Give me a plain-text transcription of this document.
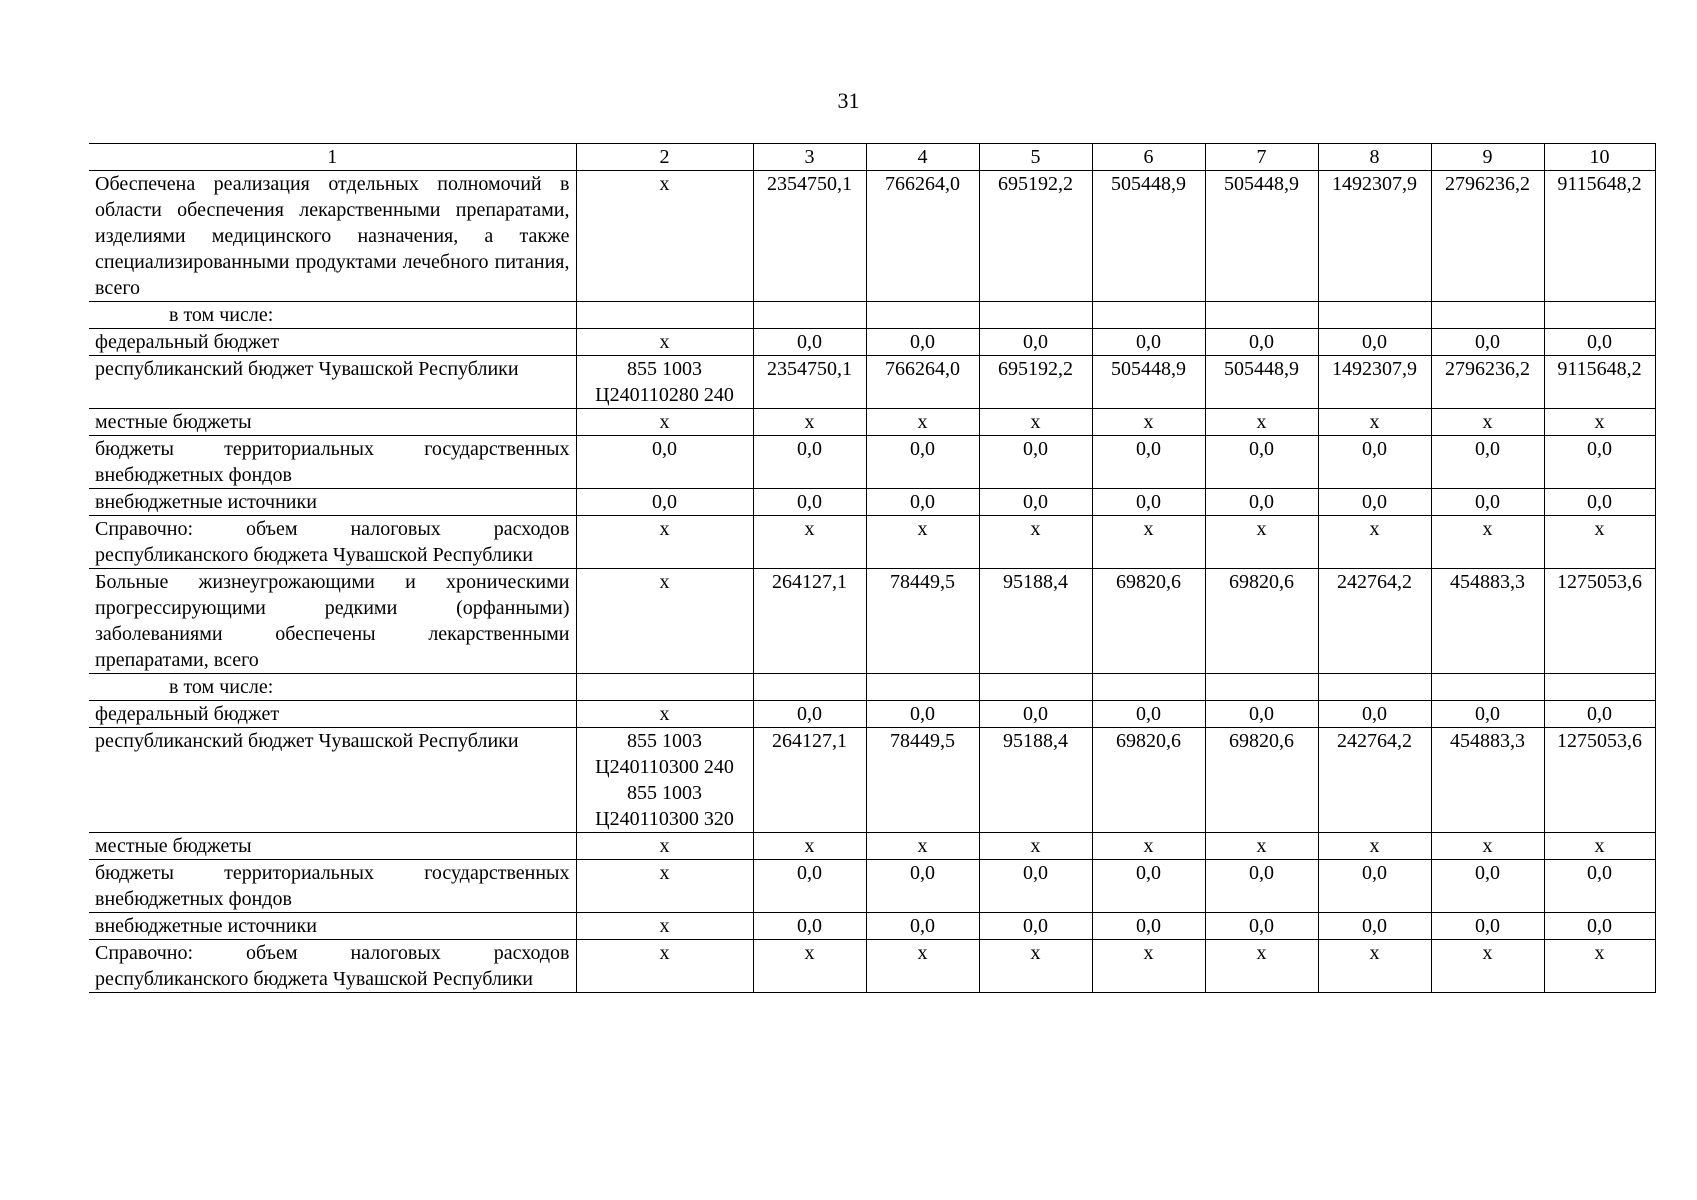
31
1	2	3	4	5	6	7	8	9	10
Обеспечена реализация отдельных полномочий в области обеспечения лекарственными препаратами, изделиями медицинского назначения, а также специализированными продуктами лечебного питания, всего	x	2354750,1	766264,0	695192,2	505448,9	505448,9	1492307,9	2796236,2	9115648,2
в том числе:									
федеральный бюджет	x	0,0	0,0	0,0	0,0	0,0	0,0	0,0	0,0
республиканский бюджет Чувашской Республики	855 1003 Ц240110280 240	2354750,1	766264,0	695192,2	505448,9	505448,9	1492307,9	2796236,2	9115648,2
местные бюджеты	x	x	x	x	x	x	x	x	x
бюджеты территориальных государственных внебюджетных фондов	0,0	0,0	0,0	0,0	0,0	0,0	0,0	0,0	0,0
внебюджетные источники	0,0	0,0	0,0	0,0	0,0	0,0	0,0	0,0	0,0
Справочно: объем налоговых расходов республиканского бюджета Чувашской Республики	x	x	x	x	x	x	x	x	x
Больные жизнеугрожающими и хроническими прогрессирующими редкими (орфанными) заболеваниями обеспечены лекарственными препаратами, всего	x	264127,1	78449,5	95188,4	69820,6	69820,6	242764,2	454883,3	1275053,6
в том числе:									
федеральный бюджет	x	0,0	0,0	0,0	0,0	0,0	0,0	0,0	0,0
республиканский бюджет Чувашской Республики	855 1003 Ц240110300 240 855 1003 Ц240110300 320	264127,1	78449,5	95188,4	69820,6	69820,6	242764,2	454883,3	1275053,6
местные бюджеты	x	x	x	x	x	x	x	x	x
бюджеты территориальных государственных внебюджетных фондов	x	0,0	0,0	0,0	0,0	0,0	0,0	0,0	0,0
внебюджетные источники	x	0,0	0,0	0,0	0,0	0,0	0,0	0,0	0,0
Справочно: объем налоговых расходов республиканского бюджета Чувашской Республики	x	x	x	x	x	x	x	x	x
